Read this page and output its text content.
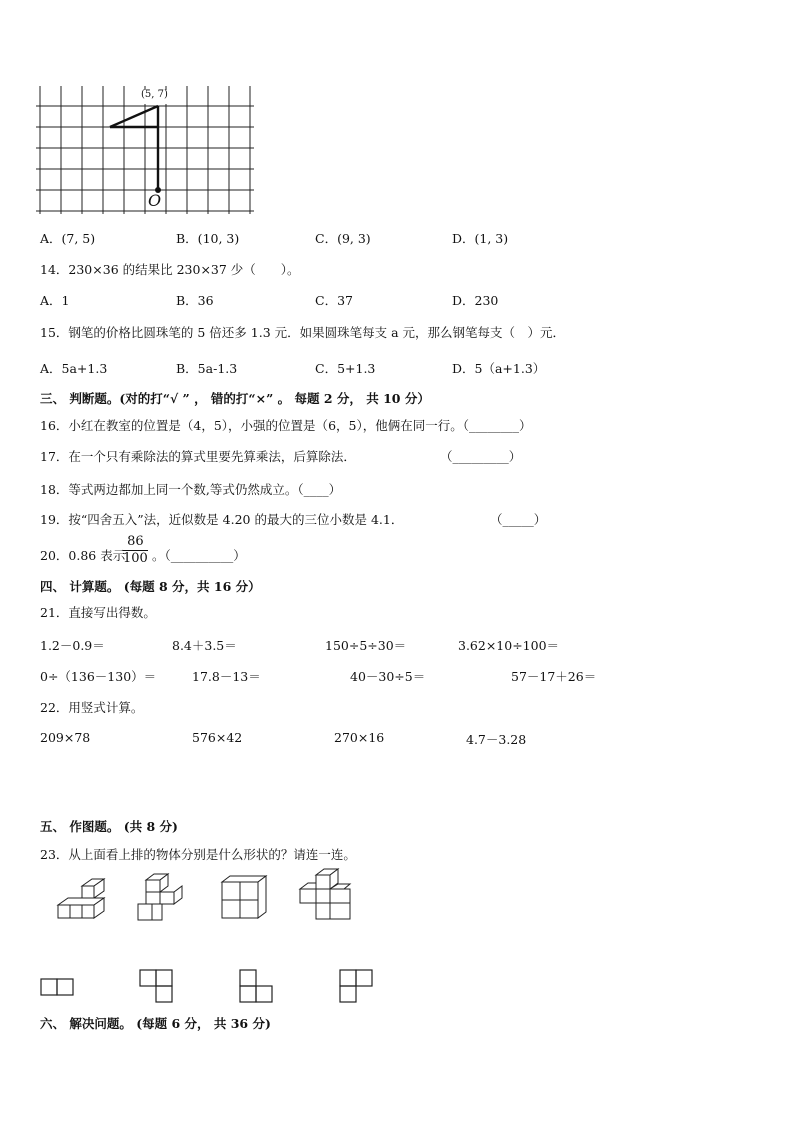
(5, 7)
O
A．(7, 5)	B．(10, 3)	C．(9, 3)	D．(1, 3)
14．230×36 的结果比 230×37 少（　　）。
A．1	B．36	C．37	D．230
15．钢笔的价格比圆珠笔的 5 倍还多 1.3 元．如果圆珠笔每支 a 元，那么钢笔每支（　）元．
A．5a+1.3	B．5a-1.3	C．5+1.3	D．5（a+1.3）
三、 判断题。(对的打“√ ” ， 错的打“×” 。 每题 2 分， 共 10 分）
16．小红在教室的位置是（4，5），小强的位置是（6，5），他俩在同一行。（________）
17．在一个只有乘除法的算式里要先算乘法，后算除法．	（_________）
18．等式两边都加上同一个数,等式仍然成立。（____）
19．按“四舍五入”法，近似数是 4.20 的最大的三位小数是 4.1．	（_____）
20．0.86 表示
$\frac{86}{100}$ 。（__________）
四、 计算题。 (每题 8 分，共 16 分）
21．直接写出得数。
1.2－0.9＝	8.4＋3.5＝	150÷5÷30＝	3.62×10÷100＝
0÷（136－130）＝	17.8－13＝	40－30÷5＝	57－17＋26＝
22．用竖式计算。
209×78	576×42	270×16	4.7－3.28
五、 作图题。 (共 8 分)
23．从上面看上排的物体分别是什么形状的？请连一连。
六、 解决问题。 (每题 6 分， 共 36 分)
